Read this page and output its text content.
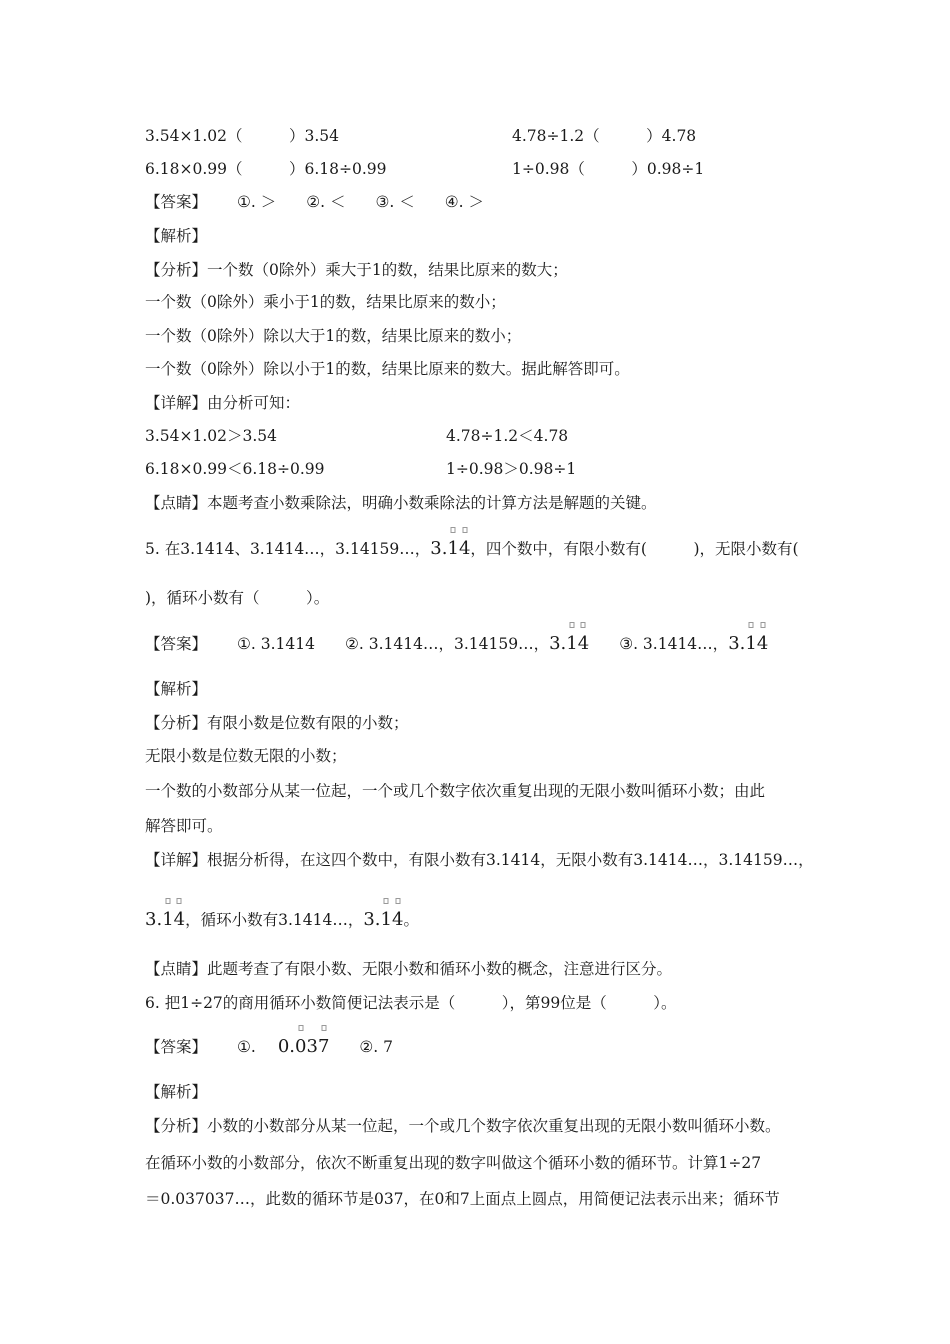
3.54×1.02（　　　）3.54	4.78÷1.2（　　　）4.78
6.18×0.99（　　　）6.18÷0.99	1÷0.98（　　　）0.98÷1
【答案】 ①. ＞ ②. ＜ ③. ＜ ④. ＞
【解析】
【分析】一个数（0除外）乘大于1的数，结果比原来的数大；
一个数（0除外）乘小于1的数，结果比原来的数小；
一个数（0除外）除以大于1的数，结果比原来的数小；
一个数（0除外）除以小于1的数，结果比原来的数大。据此解答即可。
【详解】由分析可知：
3.54×1.02＞3.54	4.78÷1.2＜4.78
6.18×0.99＜6.18÷0.99	1÷0.98＞0.98÷1
【点睛】本题考查小数乘除法，明确小数乘除法的计算方法是解题的关键。
5. 在3.1414、3.1414…，3.14159…，3.
1
4，四个数中，有限小数有(　　　)，无限小数有(
)，循环小数有（　　　）。
【答案】 ①. 3.1414 ②. 3.1414…，3.14159…，3.
1
4 ③. 3.1414…，3.
1
4
【解析】
【分析】有限小数是位数有限的小数；
无限小数是位数无限的小数；
一个数的小数部分从某一位起，一个或几个数字依次重复出现的无限小数叫循环小数；由此
解答即可。
【详解】根据分析得，在这四个数中，有限小数有3.1414，无限小数有3.1414…，3.14159…，
3.
1
4，循环小数有3.1414…，3.
1
4。
【点睛】此题考查了有限小数、无限小数和循环小数的概念，注意进行区分。
6. 把1÷27的商用循环小数简便记法表示是（　　　），第99位是（　　　）。
【答案】 ①. 0.
03
7 ②. 7
【解析】
【分析】小数的小数部分从某一位起，一个或几个数字依次重复出现的无限小数叫循环小数。
在循环小数的小数部分，依次不断重复出现的数字叫做这个循环小数的循环节。计算1÷27
＝0.037037…，此数的循环节是037，在0和7上面点上圆点，用简便记法表示出来；循环节
